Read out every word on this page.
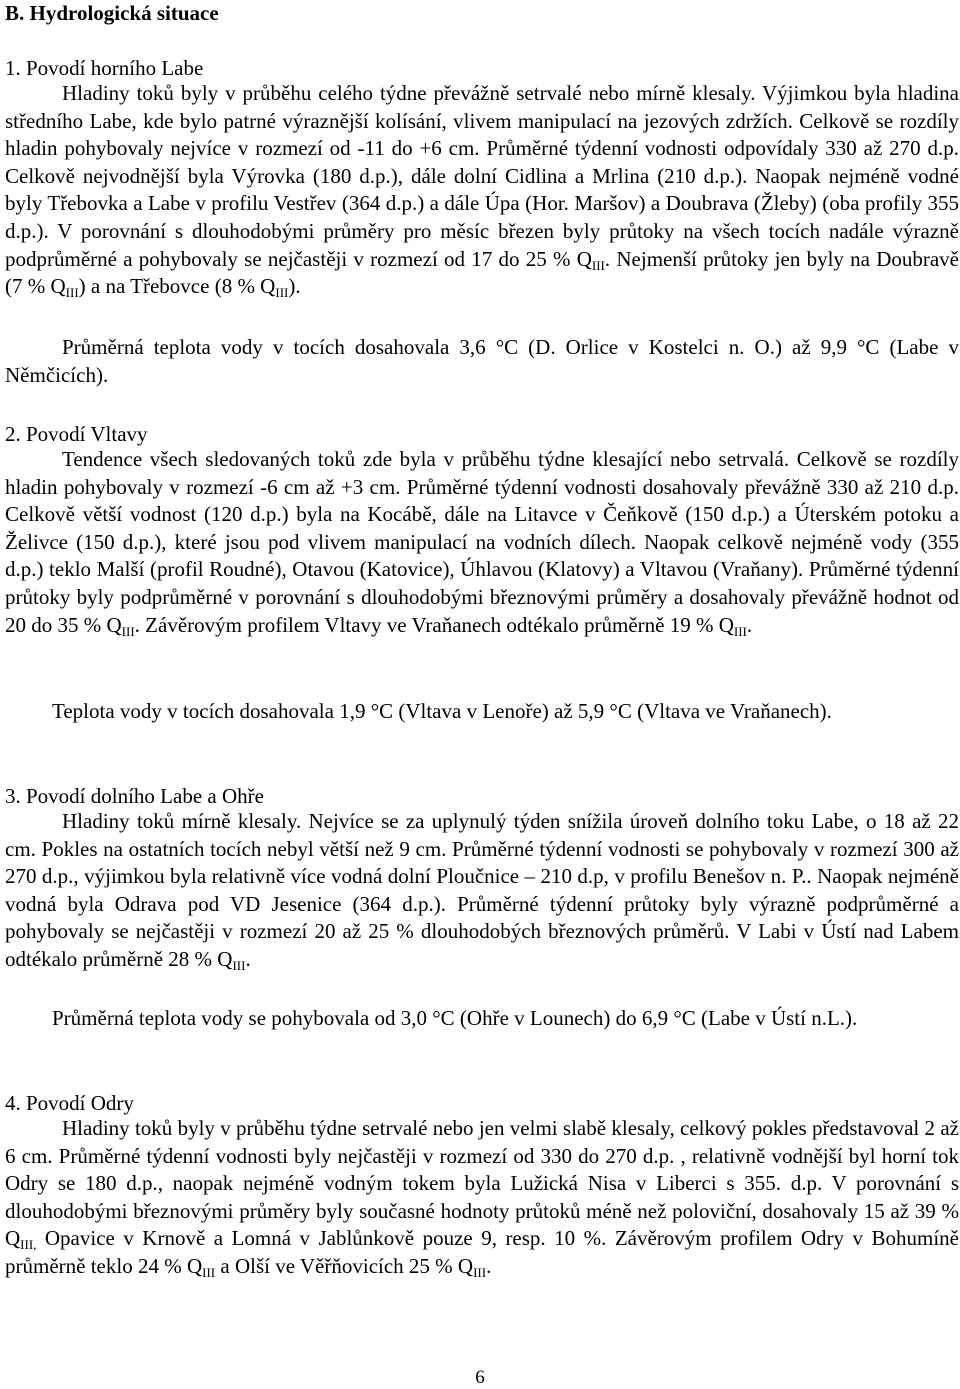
B. Hydrologická situace
1. Povodí horního Labe

Hladiny toků byly v průběhu celého týdne převážně setrvalé nebo mírně klesaly. Výjimkou byla hladina středního Labe, kde bylo patrné výraznější kolísání, vlivem manipulací na jezových zdržích. Celkově se rozdíly hladin pohybovaly nejvíce v rozmezí od -11 do +6 cm. Průměrné týdenní vodnosti odpovídaly 330 až 270 d.p. Celkově nejvodnější byla Výrovka (180 d.p.), dále dolní Cidlina a Mrlina (210 d.p.). Naopak nejméně vodné byly Třebovka a Labe v profilu Vestřev (364 d.p.) a dále Úpa (Hor. Maršov) a Doubrava (Žleby) (oba profily 355 d.p.). V porovnání s dlouhodobými průměry pro měsíc březen byly průtoky na všech tocích nadále výrazně podprůměrné a pohybovaly se nejčastěji v rozmezí od 17 do 25 % $Q_{III}$. Nejmenší průtoky jen byly na Doubravě (7 % $Q_{III}$) a na Třebovce (8 % $Q_{III}$).

Průměrná teplota vody v tocích dosahovala 3,6 °C (D. Orlice v Kostelci n. O.) až 9,9 °C (Labe v Němčicích).

2. Povodí Vltavy

Tendence všech sledovaných toků zde byla v průběhu týdne klesající nebo setrvalá. Celkově se rozdíly hladin pohybovaly v rozmezí -6 cm až +3 cm. Průměrné týdenní vodnosti dosahovaly převážně 330 až 210 d.p. Celkově větší vodnost (120 d.p.) byla na Kocábě, dále na Litavce v Čeňkově (150 d.p.) a Úterském potoku a Želivce (150 d.p.), které jsou pod vlivem manipulací na vodních dílech. Naopak celkově nejméně vody (355 d.p.) teklo Malší (profil Roudné), Otavou (Katovice), Úhlavou (Klatovy) a Vltavou (Vraňany). Průměrné týdenní průtoky byly podprůměrné v porovnání s dlouhodobými březnovými průměry a dosahovaly převážně hodnot od 20 do 35 % $Q_{III}$. Závěrovým profilem Vltavy ve Vraňanech odtékalo průměrně 19 % $Q_{III}$.

Teplota vody v tocích dosahovala 1,9 °C (Vltava v Lenoře) až 5,9 °C (Vltava ve Vraňanech).

3. Povodí dolního Labe a Ohře

Hladiny toků mírně klesaly. Nejvíce se za uplynulý týden snížila úroveň dolního toku Labe, o 18 až 22 cm. Pokles na ostatních tocích nebyl větší než 9 cm. Průměrné týdenní vodnosti se pohybovaly v rozmezí 300 až 270 d.p., výjimkou byla relativně více vodná dolní Ploučnice – 210 d.p, v profilu Benešov n. P.. Naopak nejméně vodná byla Odrava pod VD Jesenice (364 d.p.). Průměrné týdenní průtoky byly výrazně podprůměrné a pohybovaly se nejčastěji v rozmezí 20 až 25 % dlouhodobých březnových průměrů. V Labi v Ústí nad Labem odtékalo průměrně 28 % $Q_{III}$.

Průměrná teplota vody se pohybovala od 3,0 °C (Ohře v Lounech) do 6,9 °C (Labe v Ústí n.L.).

4. Povodí Odry

Hladiny toků byly v průběhu týdne setrvalé nebo jen velmi slabě klesaly, celkový pokles představoval 2 až 6 cm. Průměrné týdenní vodnosti byly nejčastěji v rozmezí od 330 do 270 d.p. , relativně vodnější byl horní tok Odry se 180 d.p., naopak nejméně vodným tokem byla Lužická Nisa v Liberci s 355. d.p. V porovnání s dlouhodobými březnovými průměry byly současné hodnoty průtoků méně než poloviční, dosahovaly 15 až 39 % $Q_{III,}$ Opavice v Krnově a Lomná v Jablůnkově pouze 9, resp. 10 %. Závěrovým profilem Odry v Bohumíně průměrně teklo 24 % $Q_{III}$ a Olší ve Věřňovicích 25 % $Q_{III}$.

6
